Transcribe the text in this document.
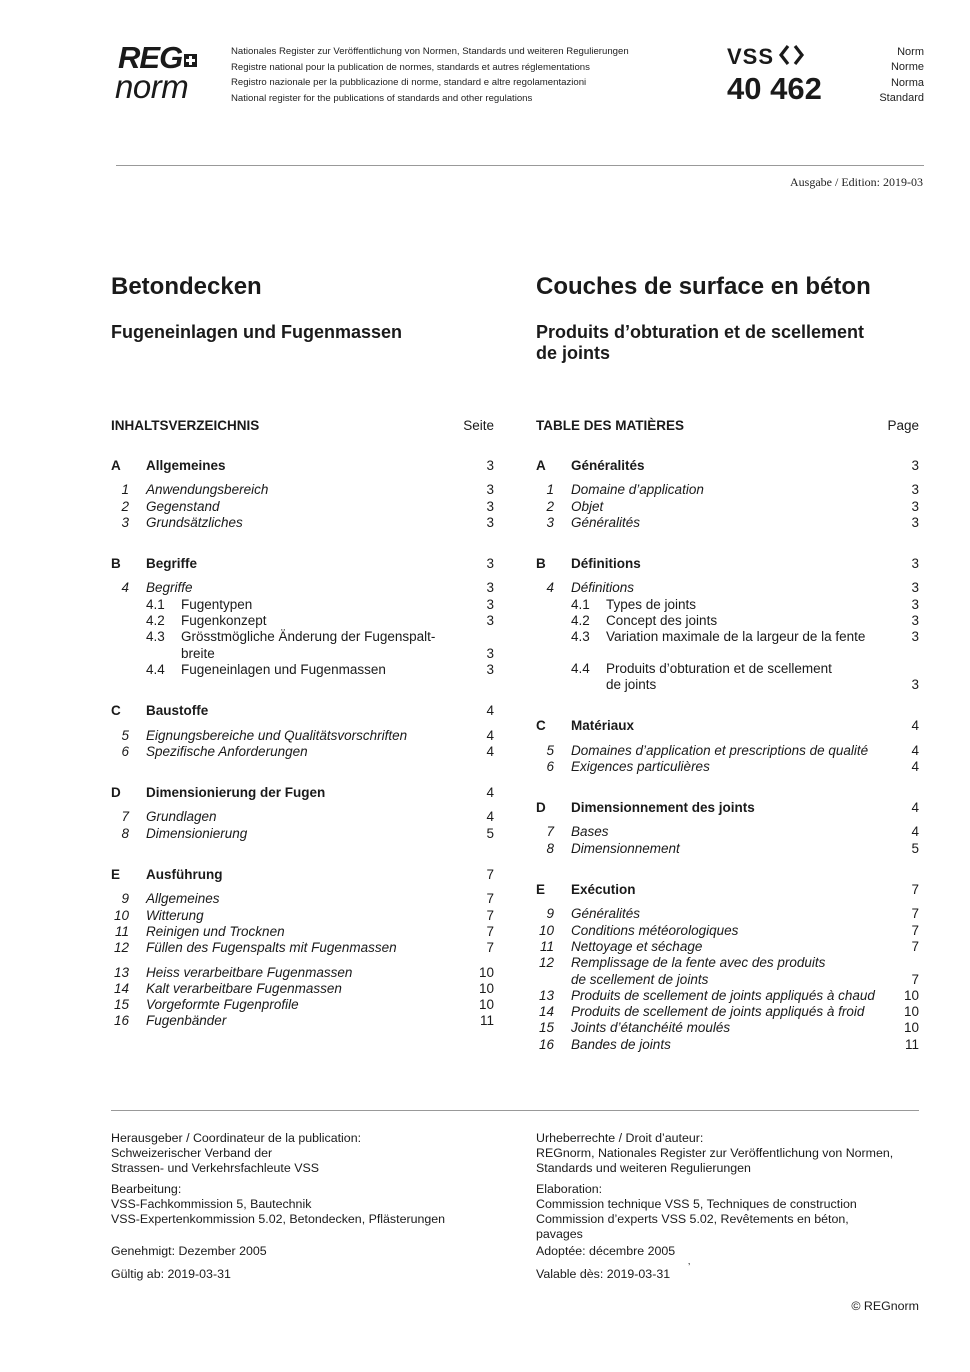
REG
norm
Nationales Register zur Veröffentlichung von Normen, Standards und weiteren Regulierungen
Registre national pour la publication de normes, standards et autres réglementations
Registro nazionale per la pubblicazione di norme, standard e altre regolamentazioni
National register for the publications of standards and other regulations
VSS
40 462
Norm
Norme
Norma
Standard
Ausgabe / Edition: 2019-03
Betondecken
Fugeneinlagen und Fugenmassen
Couches de surface en béton
Produits d’obturation et de scellement
de joints
INHALTSVERZEICHNIS	Seite	TABLE DES MATIÈRES	Page
A	Allgemeines	3
1	Anwendungsbereich	3
2	Gegenstand	3
3	Grundsätzliches	3
B	Begriffe	3
4	Begriffe	3
4.1	Fugentypen	3
4.2	Fugenkonzept	3
4.3	Grösstmögliche Änderung der Fugenspalt-
breite	3
4.4	Fugeneinlagen und Fugenmassen	3
C	Baustoffe	4
5	Eignungsbereiche und Qualitätsvorschriften	4
6	Spezifische Anforderungen	4
D	Dimensionierung der Fugen	4
7	Grundlagen	4
8	Dimensionierung	5
E	Ausführung	7
9	Allgemeines	7
10	Witterung	7
11	Reinigen und Trocknen	7
12	Füllen des Fugenspalts mit Fugenmassen	7
13	Heiss verarbeitbare Fugenmassen	10
14	Kalt verarbeitbare Fugenmassen	10
15	Vorgeformte Fugenprofile	10
16	Fugenbänder	11
A	Généralités	3
1	Domaine d’application	3
2	Objet	3
3	Généralités	3
B	Définitions	3
4	Définitions	3
4.1	Types de joints	3
4.2	Concept des joints	3
4.3	Variation maximale de la largeur de la fente	3
4.4	Produits d’obturation et de scellement
de joints	3
C	Matériaux	4
5	Domaines d’application et prescriptions de qualité	4
6	Exigences particulières	4
D	Dimensionnement des joints	4
7	Bases	4
8	Dimensionnement	5
E	Exécution	7
9	Généralités	7
10	Conditions météorologiques	7
11	Nettoyage et séchage	7
12	Remplissage de la fente avec des produits
de scellement de joints	7
13	Produits de scellement de joints appliqués à chaud	10
14	Produits de scellement de joints appliqués à froid	10
15	Joints d’étanchéité moulés	10
16	Bandes de joints	11

Herausgeber / Coordinateur de la publication:

Schweizerischer Verband der

Strassen- und Verkehrsfachleute VSS

Bearbeitung:

VSS-Fachkommission 5, Bautechnik

VSS-Expertenkommission 5.02, Betondecken, Pflästerungen

Genehmigt: Dezember 2005
Gültig ab: 2019-03-31

Urheberrechte / Droit d’auteur:

REGnorm, Nationales Register zur Veröffentlichung von Normen,

Standards und weiteren Regulierungen

Elaboration:

Commission technique VSS 5, Techniques de construction

Commission d’experts VSS 5.02, Revêtements en béton,

pavages

Adoptée: décembre 2005
Valable dès: 2019-03-31 ’
© REGnorm
